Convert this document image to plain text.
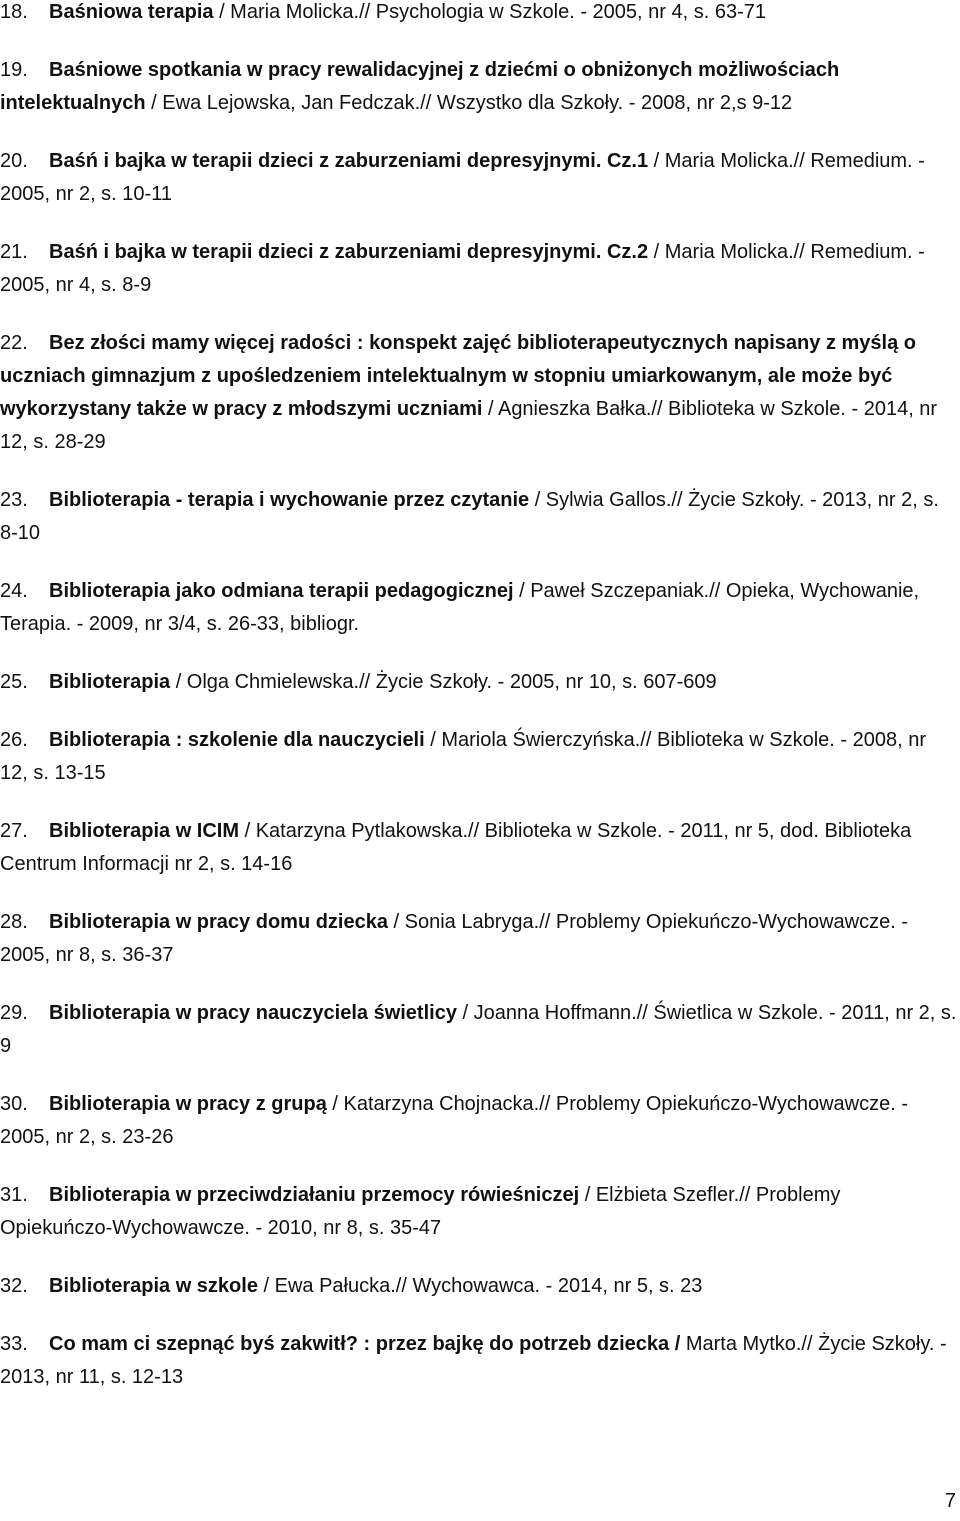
18. Baśniowa terapia / Maria Molicka.// Psychologia w Szkole. - 2005, nr 4, s. 63-71
19. Baśniowe spotkania w pracy rewalidacyjnej z dziećmi o obniżonych możliwościach intelektualnych / Ewa Lejowska, Jan Fedczak.// Wszystko dla Szkoły. - 2008, nr 2,s 9-12
20. Baśń i bajka w terapii dzieci z zaburzeniami depresyjnymi. Cz.1 / Maria Molicka.// Remedium. - 2005, nr 2, s. 10-11
21. Baśń i bajka w terapii dzieci z zaburzeniami depresyjnymi. Cz.2 / Maria Molicka.// Remedium. - 2005, nr 4, s. 8-9
22. Bez złości mamy więcej radości : konspekt zajęć biblioterapeutycznych napisany z myślą o uczniach gimnazjum z upośledzeniem intelektualnym w stopniu umiarkowanym, ale może być wykorzystany także w pracy z młodszymi uczniami / Agnieszka Bałka.// Biblioteka w Szkole. - 2014, nr 12, s. 28-29
23. Biblioterapia - terapia i wychowanie przez czytanie / Sylwia Gallos.// Życie Szkoły. - 2013, nr 2, s. 8-10
24. Biblioterapia jako odmiana terapii pedagogicznej / Paweł Szczepaniak.// Opieka, Wychowanie, Terapia. - 2009, nr 3/4, s. 26-33, bibliogr.
25. Biblioterapia / Olga Chmielewska.// Życie Szkoły. - 2005, nr 10, s. 607-609
26. Biblioterapia : szkolenie dla nauczycieli / Mariola Świerczyńska.// Biblioteka w Szkole. - 2008, nr 12, s. 13-15
27. Biblioterapia w ICIM / Katarzyna Pytlakowska.// Biblioteka w Szkole. - 2011, nr 5, dod. Biblioteka Centrum Informacji nr 2, s. 14-16
28. Biblioterapia w pracy domu dziecka / Sonia Labryga.// Problemy Opiekuńczo-Wychowawcze. - 2005, nr 8, s. 36-37
29. Biblioterapia w pracy nauczyciela świetlicy / Joanna Hoffmann.// Świetlica w Szkole. - 2011, nr 2, s. 9
30. Biblioterapia w pracy z grupą / Katarzyna Chojnacka.// Problemy Opiekuńczo-Wychowawcze. - 2005, nr 2, s. 23-26
31. Biblioterapia w przeciwdziałaniu przemocy rówieśniczej / Elżbieta Szefler.// Problemy Opiekuńczo-Wychowawcze. - 2010, nr 8, s. 35-47
32. Biblioterapia w szkole / Ewa Pałucka.// Wychowawca. - 2014, nr 5, s. 23
33. Co mam ci szepnąć byś zakwitł? : przez bajkę do potrzeb dziecka / Marta Mytko.// Życie Szkoły. - 2013, nr 11, s. 12-13
7
